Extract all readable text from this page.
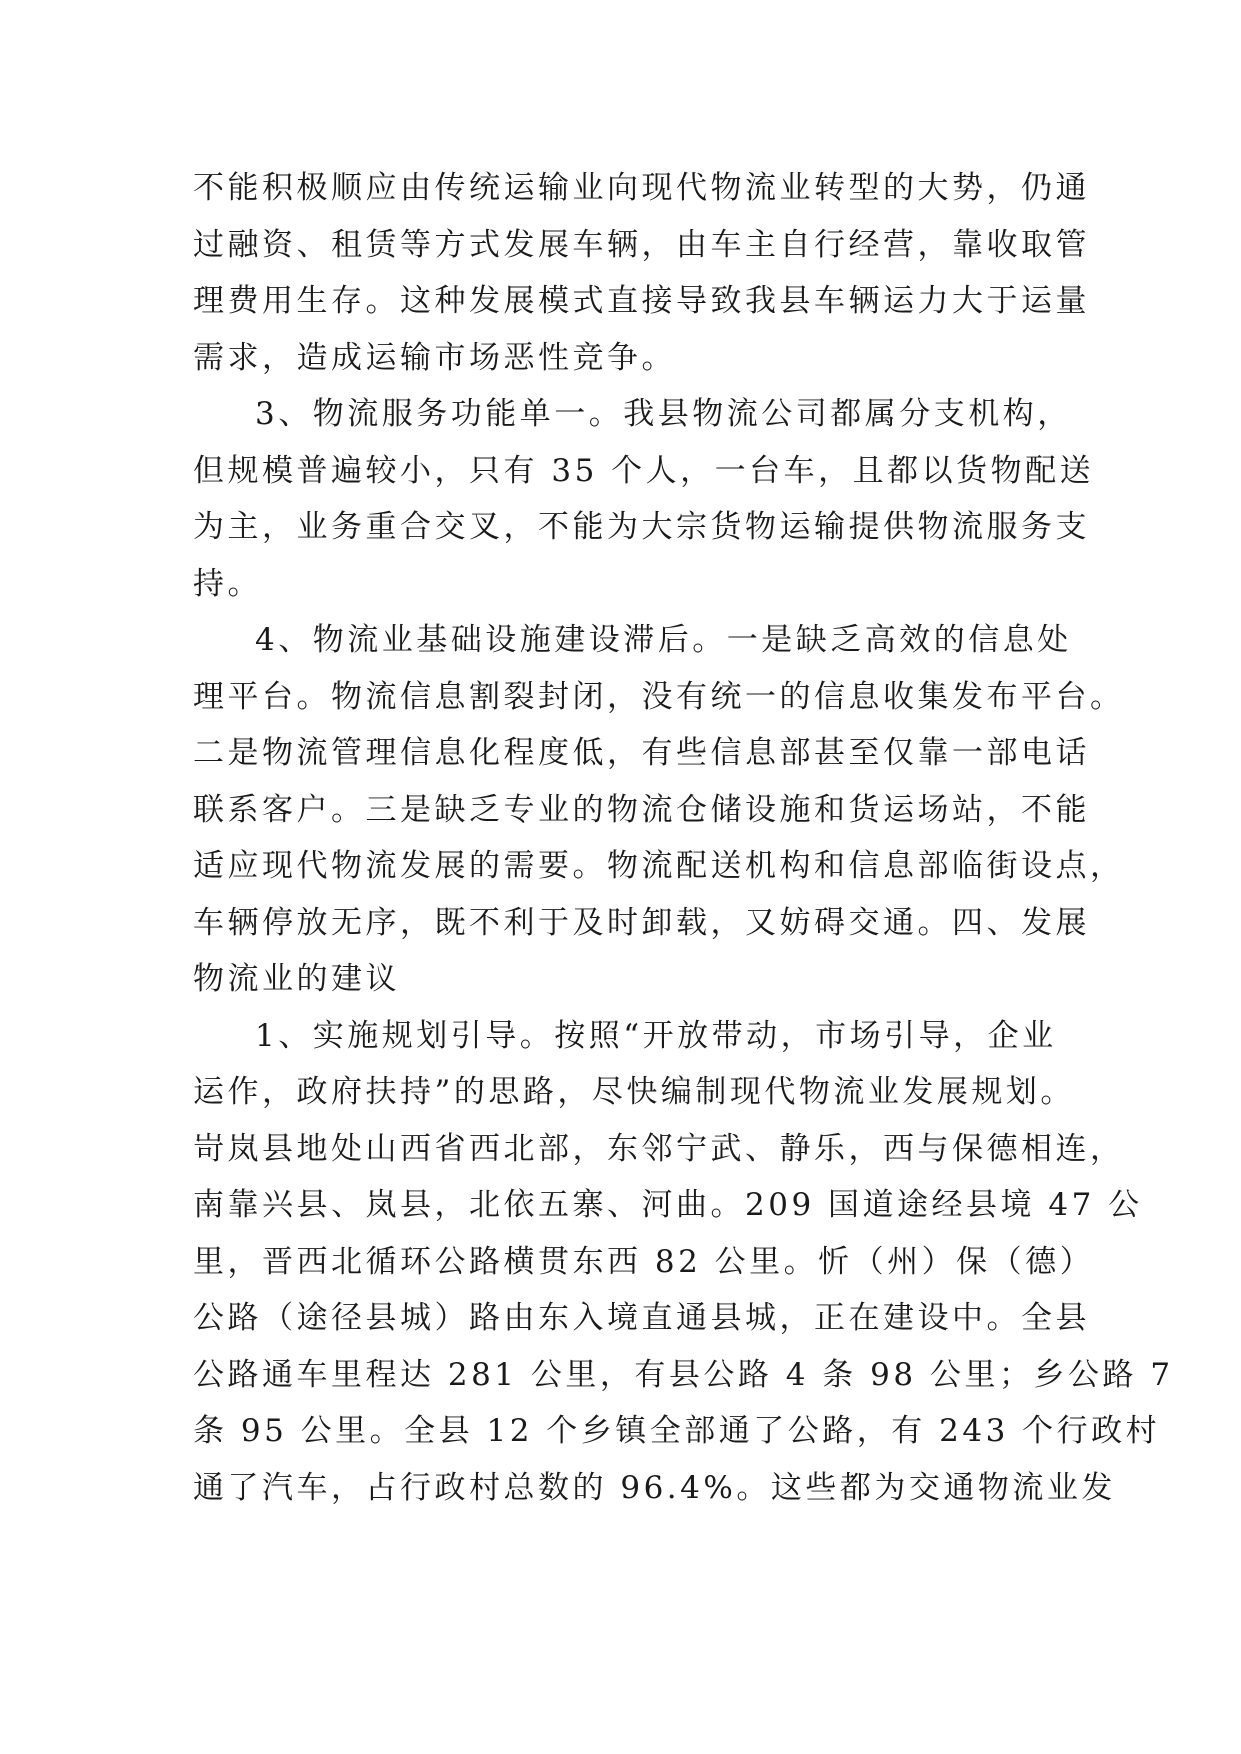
不能积极顺应由传统运输业向现代物流业转型的大势，仍通
过融资、租赁等方式发展车辆，由车主自行经营，靠收取管
理费用生存。这种发展模式直接导致我县车辆运力大于运量
需求，造成运输市场恶性竞争。
3、物流服务功能单一。我县物流公司都属分支机构，
但规模普遍较小，只有 35 个人，一台车，且都以货物配送
为主，业务重合交叉，不能为大宗货物运输提供物流服务支
持。
4、物流业基础设施建设滞后。一是缺乏高效的信息处
理平台。物流信息割裂封闭，没有统一的信息收集发布平台。
二是物流管理信息化程度低，有些信息部甚至仅靠一部电话
联系客户。三是缺乏专业的物流仓储设施和货运场站，不能
适应现代物流发展的需要。物流配送机构和信息部临街设点，
车辆停放无序，既不利于及时卸载，又妨碍交通。四、发展
物流业的建议
1、实施规划引导。按照“开放带动，市场引导，企业
运作，政府扶持”的思路，尽快编制现代物流业发展规划。
岢岚县地处山西省西北部，东邻宁武、静乐，西与保德相连，
南靠兴县、岚县，北依五寨、河曲。209 国道途经县境 47 公
里，晋西北循环公路横贯东西 82 公里。忻（州）保（德）
公路（途径县城）路由东入境直通县城，正在建设中。全县
公路通车里程达 281 公里，有县公路 4 条 98 公里；乡公路 7
条 95 公里。全县 12 个乡镇全部通了公路，有 243 个行政村
通了汽车，占行政村总数的 96.4%。这些都为交通物流业发
